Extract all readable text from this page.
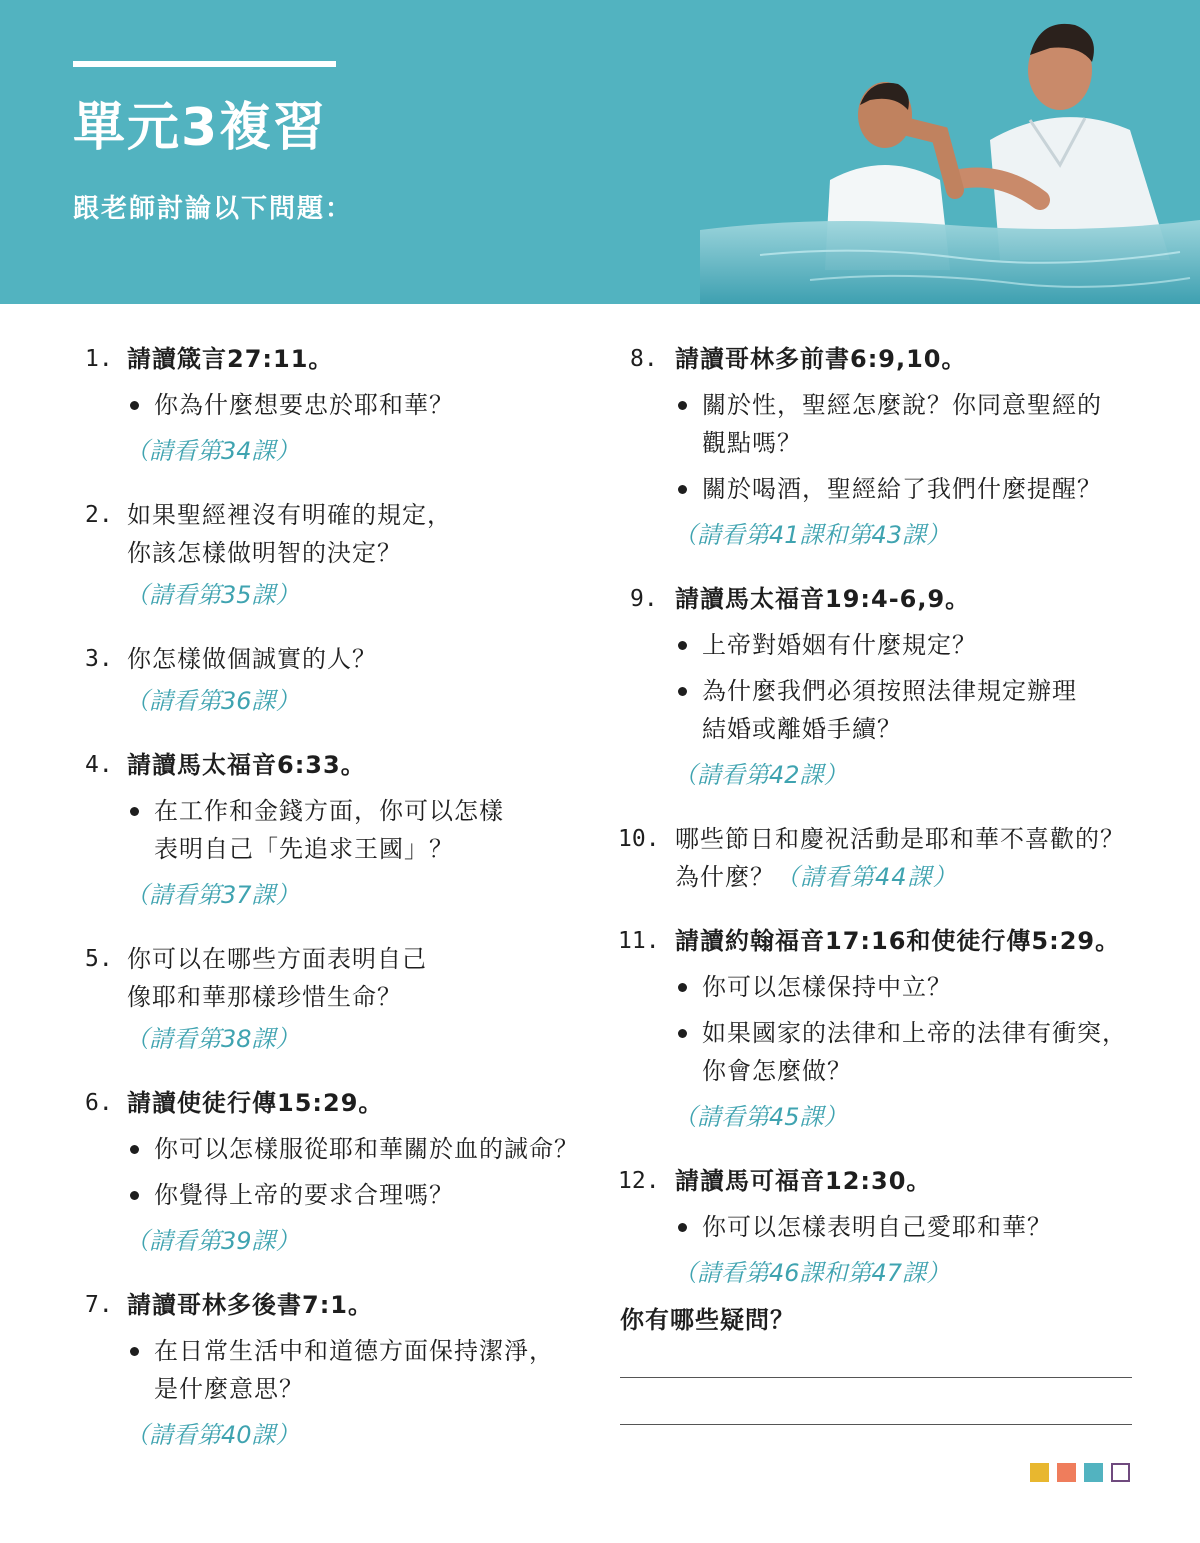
單元3複習
跟老師討論以下問題：
1. 請讀箴言27:11。
你為什麼想要忠於耶和華？
（請看第34課）
2. 如果聖經裡沒有明確的規定，
你該怎樣做明智的決定？
（請看第35課）
3. 你怎樣做個誠實的人？
（請看第36課）
4. 請讀馬太福音6:33。
在工作和金錢方面，你可以怎樣
表明自己「先追求王國」？
（請看第37課）
5. 你可以在哪些方面表明自己
像耶和華那樣珍惜生命？
（請看第38課）
6. 請讀使徒行傳15:29。
你可以怎樣服從耶和華關於血的誡命？
你覺得上帝的要求合理嗎？
（請看第39課）
7. 請讀哥林多後書7:1。
在日常生活中和道德方面保持潔淨，
是什麼意思？
（請看第40課）
8. 請讀哥林多前書6:9,10。
關於性，聖經怎麼說？你同意聖經的
觀點嗎？
關於喝酒，聖經給了我們什麼提醒？
（請看第41課和第43課）
9. 請讀馬太福音19:4-6,9。
上帝對婚姻有什麼規定？
為什麼我們必須按照法律規定辦理
結婚或離婚手續？
（請看第42課）
10. 哪些節日和慶祝活動是耶和華不喜歡的？
為什麼？（請看第44課）
11. 請讀約翰福音17:16和使徒行傳5:29。
你可以怎樣保持中立？
如果國家的法律和上帝的法律有衝突，
你會怎麼做？
（請看第45課）
12. 請讀馬可福音12:30。
你可以怎樣表明自己愛耶和華？
（請看第46課和第47課）
你有哪些疑問？
